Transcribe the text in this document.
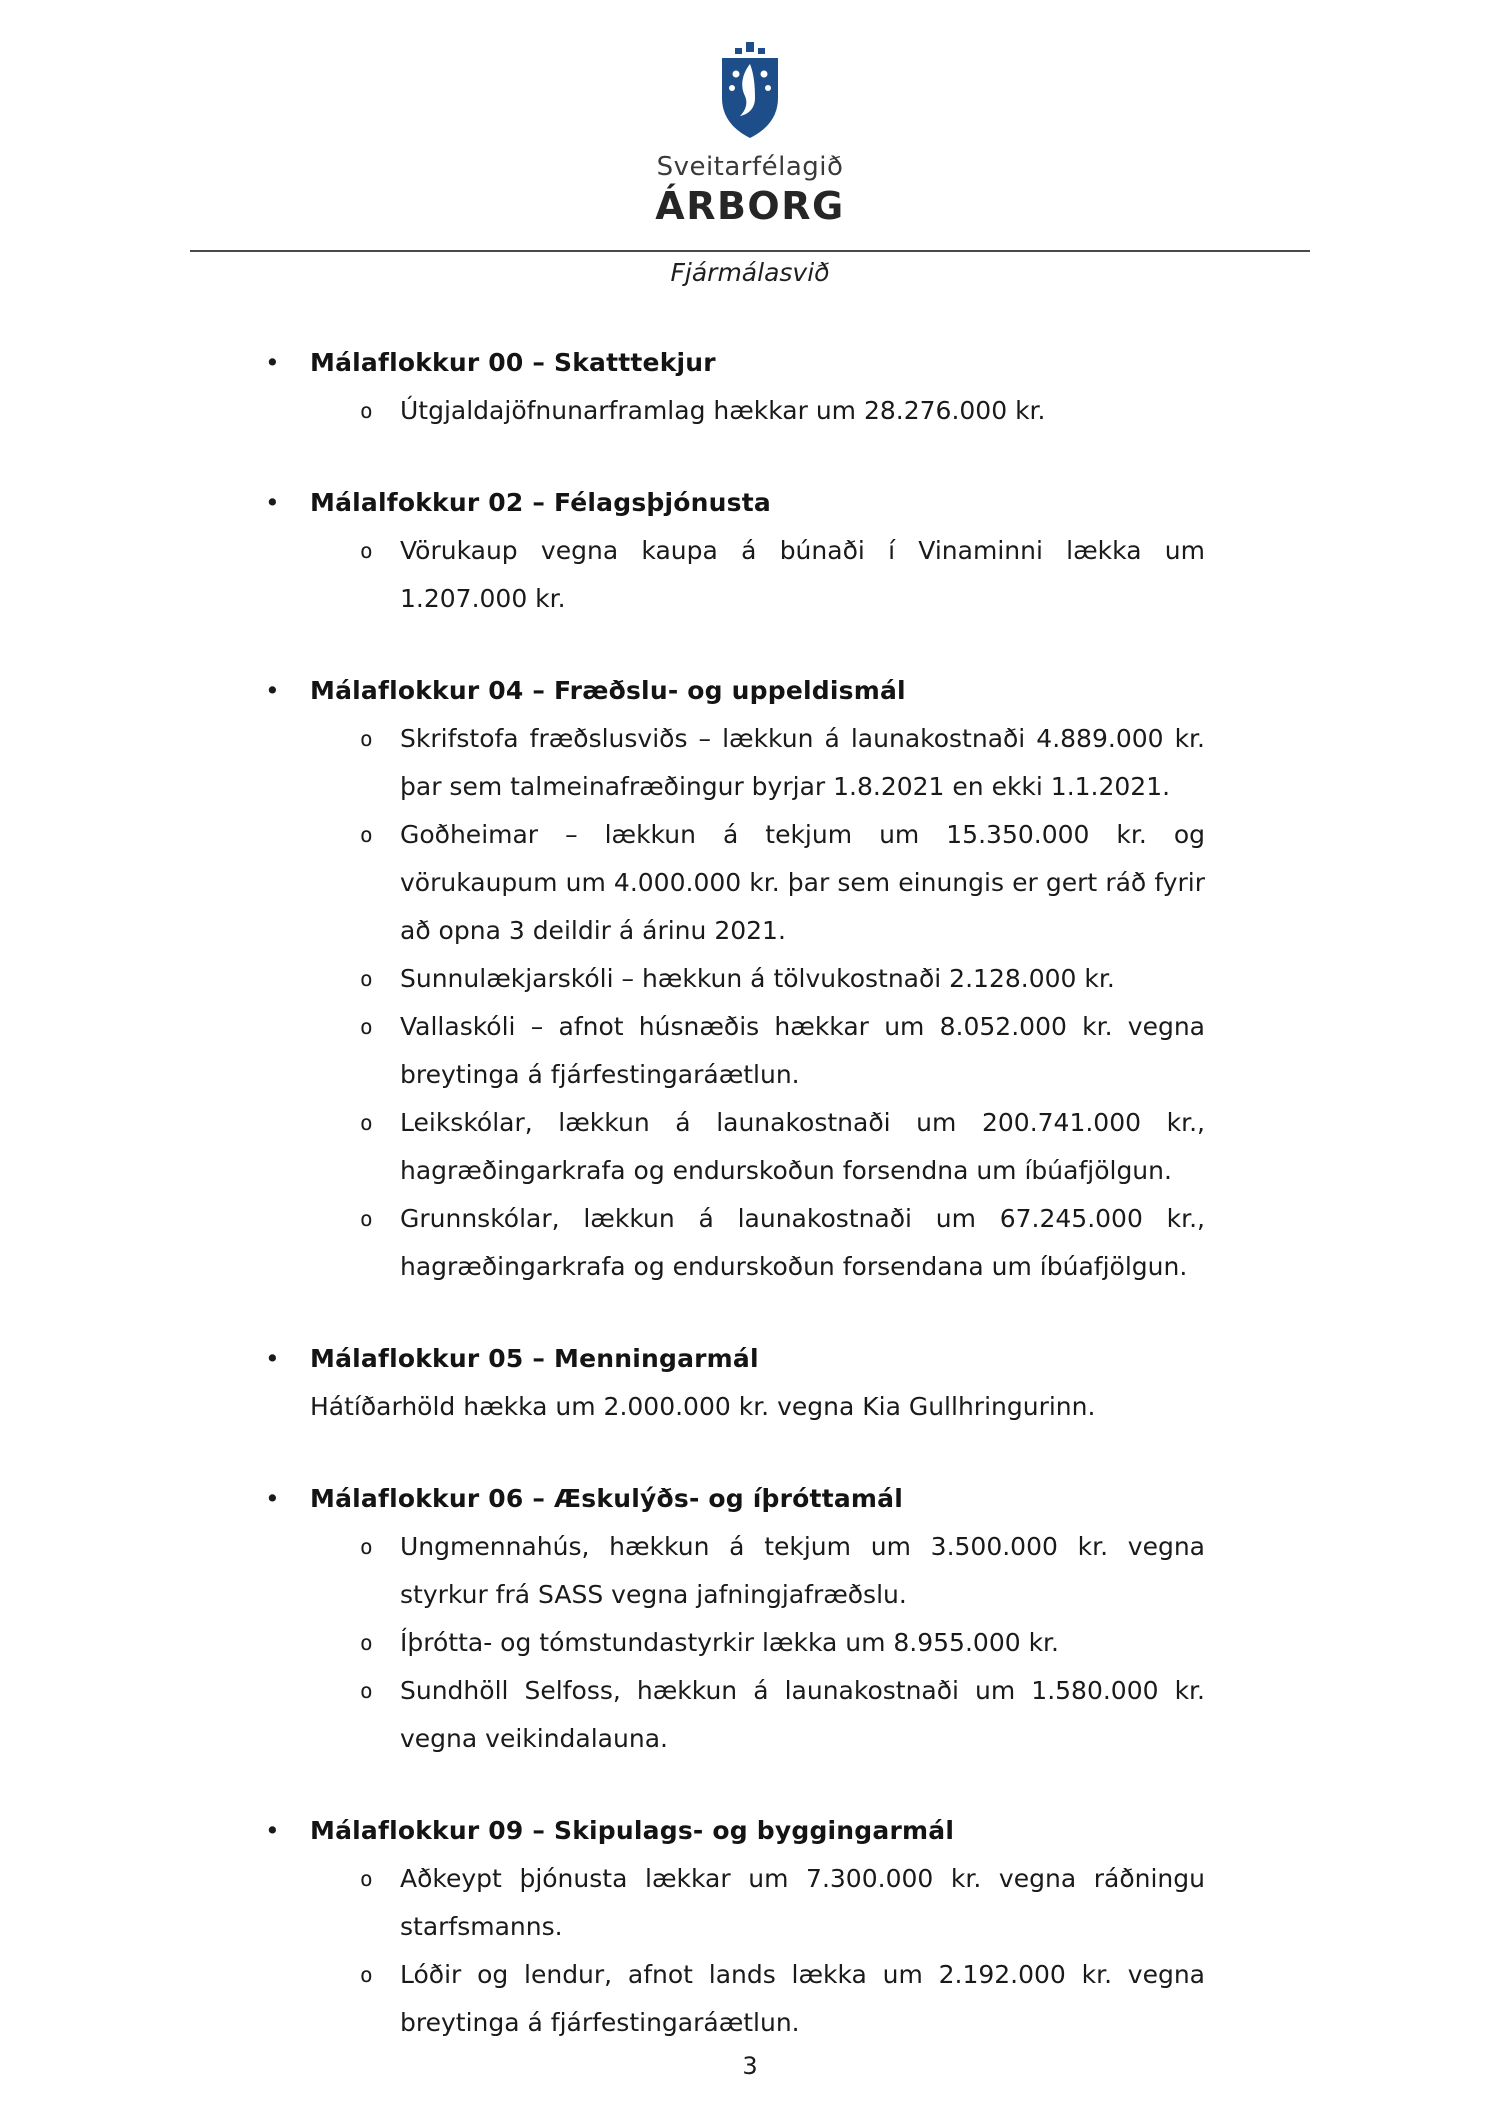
Sveitarfélagið
ÁRBORG
Fjármálasvið
•	Málaflokkur 00 – Skatttekjur
o	Útgjaldajöfnunarframlag hækkar um 28.276.000 kr.

•	Málalfokkur 02 – Félagsþjónusta
o	Vörukaup vegna kaupa á búnaði í Vinaminni lækka um 1.207.000 kr.

•	Málaflokkur 04 – Fræðslu- og uppeldismál
o	Skrifstofa fræðslusviðs – lækkun á launakostnaði 4.889.000 kr. þar sem talmeinafræðingur byrjar 1.8.2021 en ekki 1.1.2021.

o	Goðheimar – lækkun á tekjum um 15.350.000 kr. og vörukaupum um 4.000.000 kr. þar sem einungis er gert ráð fyrir að opna 3 deildir á árinu 2021.

o	Sunnulækjarskóli – hækkun á tölvukostnaði 2.128.000 kr.

o	Vallaskóli – afnot húsnæðis hækkar um 8.052.000 kr. vegna breytinga á fjárfestingaráætlun.

o	Leikskólar, lækkun á launakostnaði um 200.741.000 kr., hagræðingarkrafa og endurskoðun forsendna um íbúafjölgun.

o	Grunnskólar, lækkun á launakostnaði um 67.245.000 kr., hagræðingarkrafa og endurskoðun forsendana um íbúafjölgun.

•	Málaflokkur 05 – Menningarmál

Hátíðarhöld hækka um 2.000.000 kr. vegna Kia Gullhringurinn.

•	Málaflokkur 06 – Æskulýðs- og íþróttamál
o	Ungmennahús, hækkun á tekjum um 3.500.000 kr. vegna styrkur frá SASS vegna jafningjafræðslu.

o	Íþrótta- og tómstundastyrkir lækka um 8.955.000 kr.

o	Sundhöll Selfoss, hækkun á launakostnaði um 1.580.000 kr. vegna veikindalauna.

•	Málaflokkur 09 – Skipulags- og byggingarmál
o	Aðkeypt þjónusta lækkar um 7.300.000 kr. vegna ráðningu starfsmanns.

o	Lóðir og lendur, afnot lands lækka um 2.192.000 kr. vegna breytinga á fjárfestingaráætlun.

3
